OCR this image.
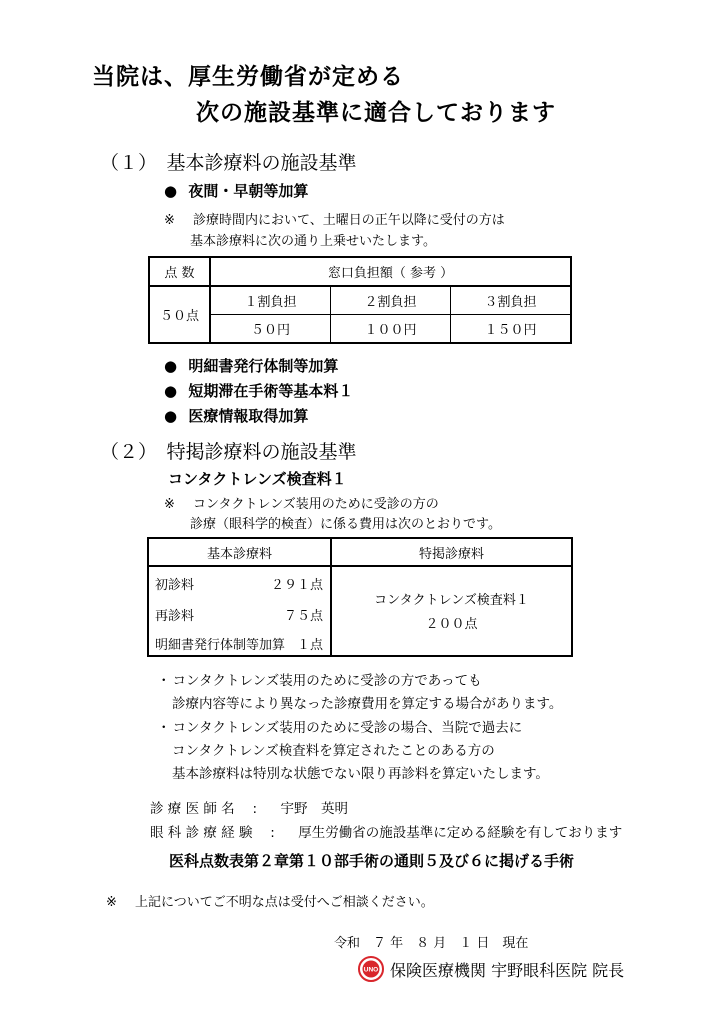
当院は、厚生労働省が定める
次の施設基準に適合しております
（１）　基本診療料の施設基準
● 夜間・早朝等加算
※ 診療時間内において、土曜日の正午以降に受付の方は
基本診療料に次の通り上乗せいたします。
点 数	窓口負担額（ 参考 ）
５０点
１割負担	２割負担	３割負担
５０円	１００円	１５０円
● 明細書発行体制等加算
● 短期滞在手術等基本料１
● 医療情報取得加算
（２）　特掲診療料の施設基準
コンタクトレンズ検査料１
※ コンタクトレンズ装用のために受診の方の
診療（眼科学的検査）に係る費用は次のとおりです。
基本診療料	特掲診療料
初診料	２９１点
再診料	７５点
明細書発行体制等加算 １点
コンタクトレンズ検査料１
２００点
・ コンタクトレンズ装用のために受診の方であっても
診療内容等により異なった診療費用を算定する場合があります。
・ コンタクトレンズ装用のために受診の場合、当院で過去に
コンタクトレンズ検査料を算定されたことのある方の
基本診療料は特別な状態でない限り再診料を算定いたします。
診 療 医 師 名 　:　宇野　英明
眼 科 診 療 経 験 　:　厚生労働省の施設基準に定める経験を有しております
医科点数表第２章第１０部手術の通則５及び６に掲げる手術
※ 上記についてご不明な点は受付へご相談ください。
令和　７ 年　８ 月　１ 日　現在
UNO 保険医療機関 宇野眼科医院 院長
